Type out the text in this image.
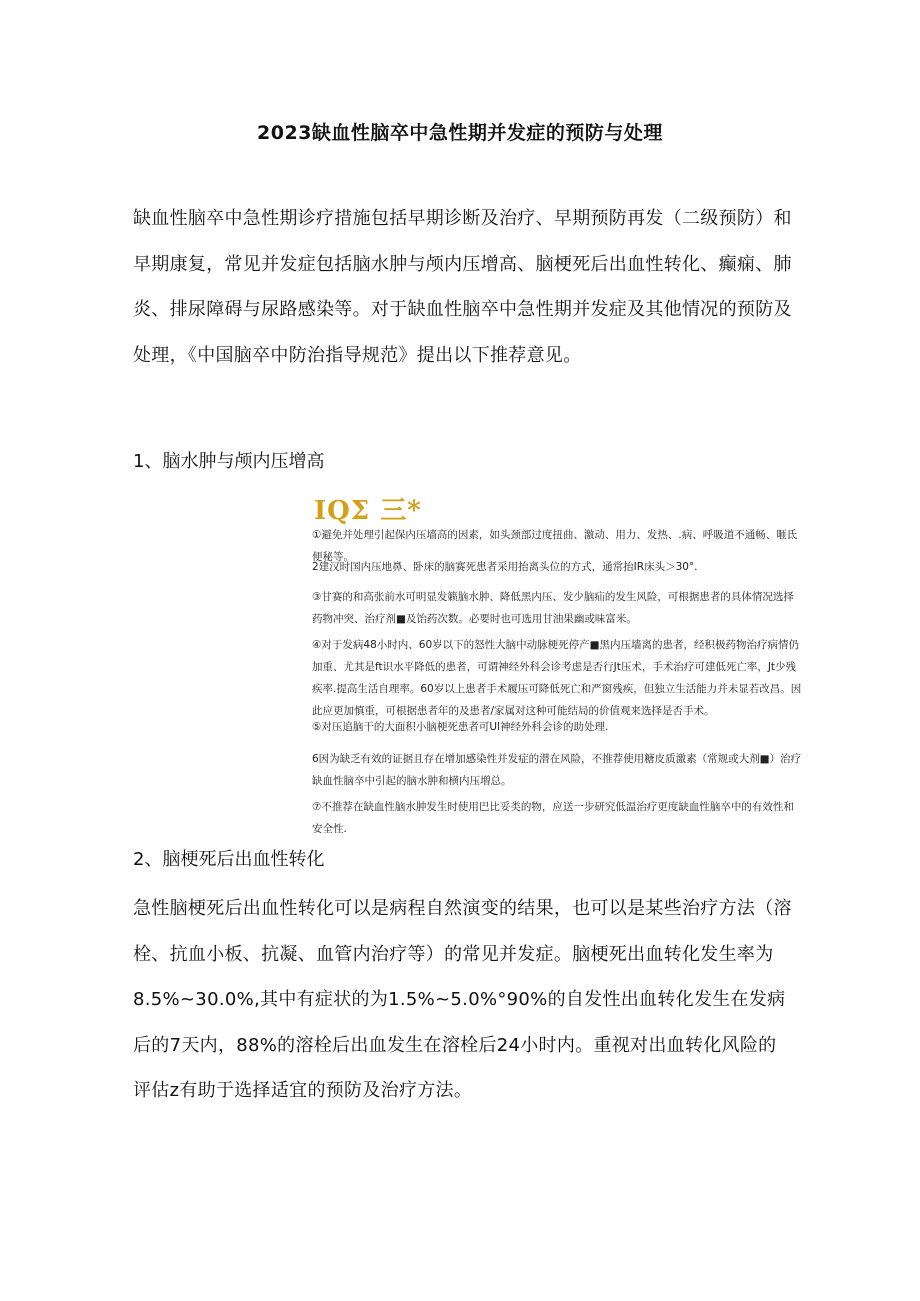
2023缺血性脑卒中急性期并发症的预防与处理

缺血性脑卒中急性期诊疗措施包括早期诊断及治疗、早期预防再发（二级预防）和早期康复，常见并发症包括脑水肿与颅内压增高、脑梗死后出血性转化、癫痫、肺炎、排尿障碍与尿路感染等。对于缺血性脑卒中急性期并发症及其他情况的预防及处理，《中国脑卒中防治指导规范》提出以下推荐意见。

1、脑水肿与颅内压增高

IQΣ 三*

①避免并处理引起保内压墙高的因素，如头颈部过度扭曲、激动、用力、发热、.病、呼吸道不通畅、咂氐便秘等。

2建汉时国内压地鼻、卧床的脑赛死患者采用抬离头位的方式，通常抬IR床头＞30°.

③甘赛的和高张前水可明显发籁脑水肿、降低黑内压、发少脑疝的发生风险，可根据患者的具体情况选择药物冲突、治疗剂■及饴药次数。必要时也可选用甘油果幽或味富米。

④对于发病48小时内、60岁以下的怒性大脑中动脉梗死停产■黑内压墙离的患者，经积极药物治疗病情仍加重、尤其是ft识水平降低的患者，可谓神经外科会诊考虑是否行Jt压术，手术治疗可建低死亡率，Jt少残疾率.提高生活自理率。60岁以上患者手术履压可降低死亡和严窗残疾，但独立生活能力并未显若改昌。因此应更加慎重，可根据患者年的及患者/家属对这种可能结局的价值观来选择是否手术。

⑤对压追脑干的大面积小脑梗死患者可Ul神经外科会诊的助处理.

6因为缺乏有效的证据且存在增加感染性并发症的潜在风险，不推荐使用糖皮质激素（常规或大剂■）治疗缺血性脑卒中引起的脑水肿和横内压増总。

⑦不推荐在缺血性脑水肿发生时使用巴比妥类的物，应送一步研究低温治疗更度缺血性脑卒中的有效性和安全性.

2、脑梗死后出血性转化

急性脑梗死后出血性转化可以是病程自然演变的结果，也可以是某些治疗方法（溶栓、抗血小板、抗凝、血管内治疗等）的常见并发症。脑梗死出血转化发生率为8.5%~30.0%,其中有症状的为1.5%~5.0%°90%的自发性出血转化发生在发病后的7天内，88%的溶栓后出血发生在溶栓后24小时内。重视对出血转化风险的评估z有助于选择适宜的预防及治疗方法。
